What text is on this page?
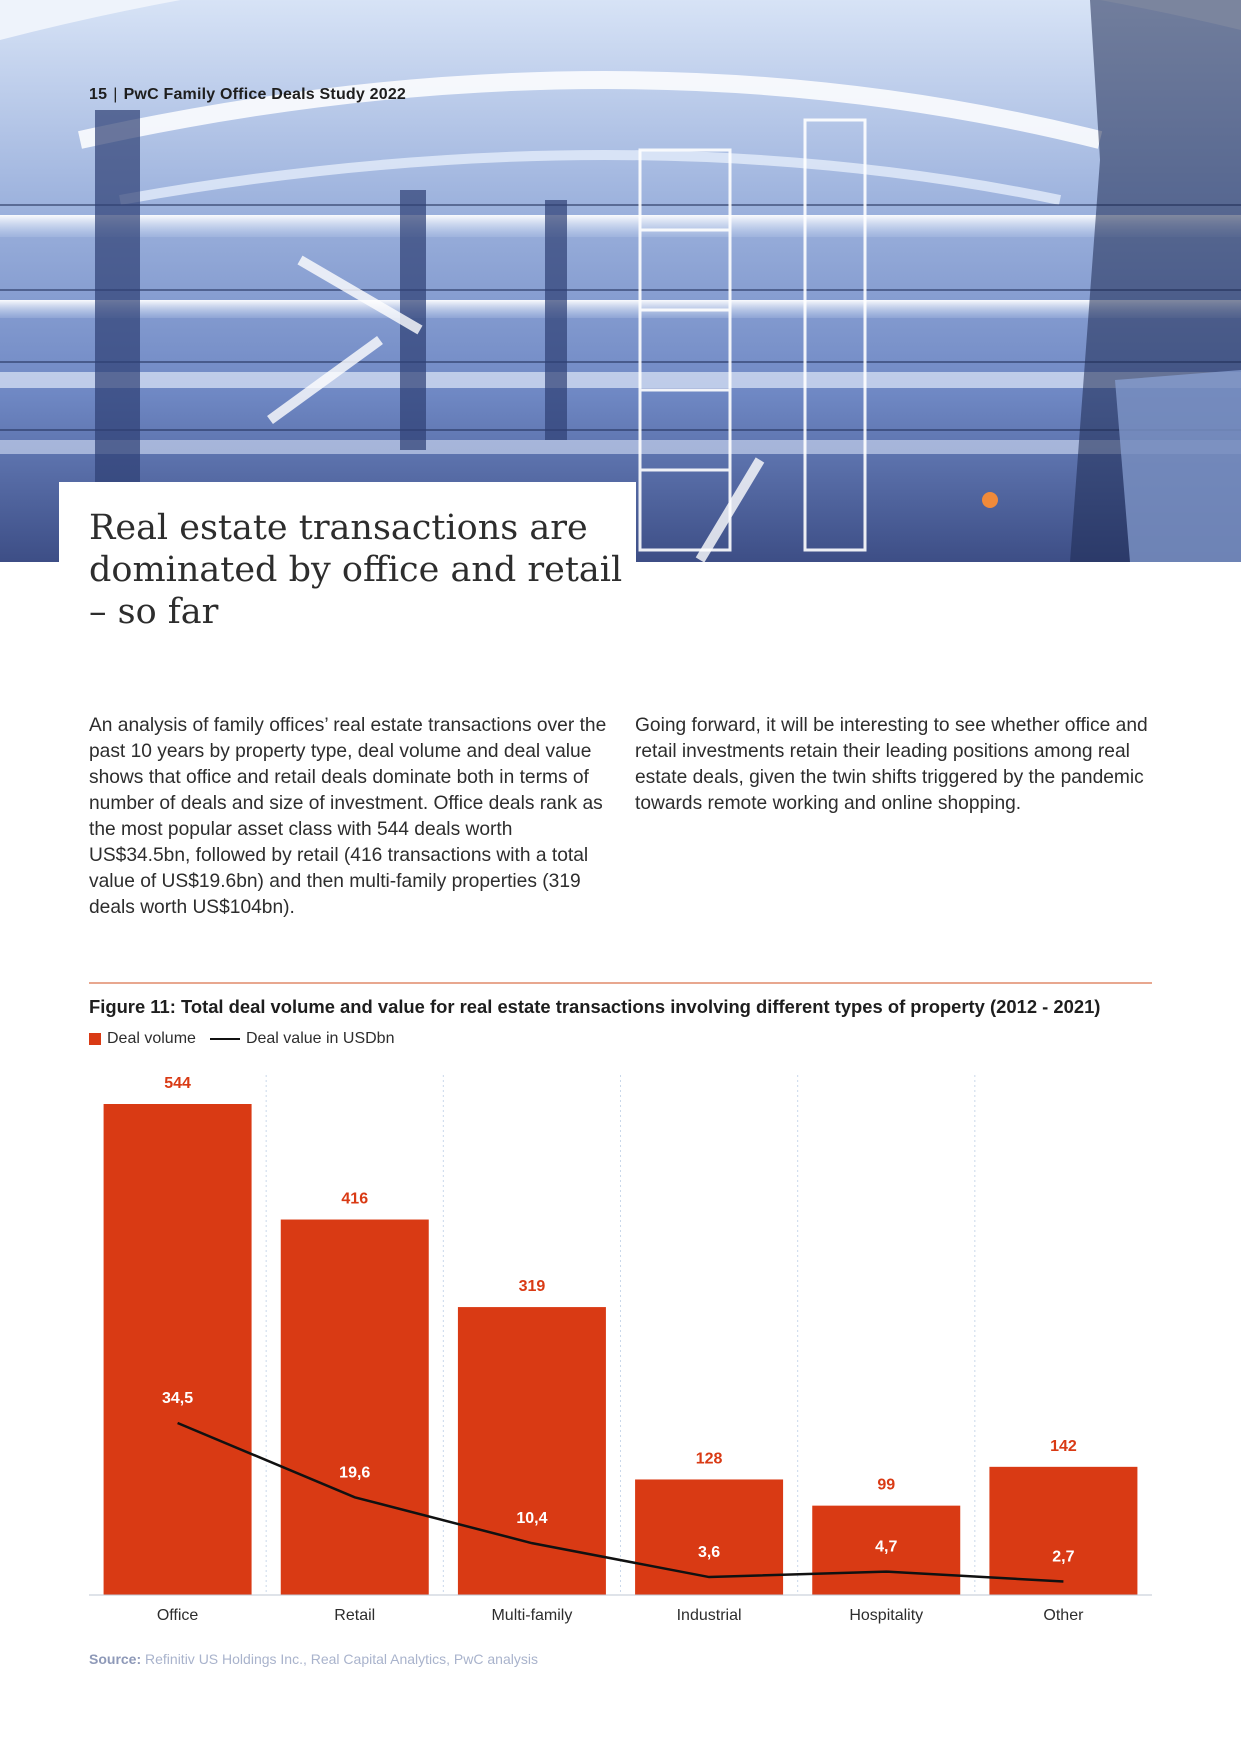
15 | PwC Family Office Deals Study 2022
Real estate transactions are dominated by office and retail – so far

An analysis of family offices’ real estate transactions over the past 10 years by property type, deal volume and deal value shows that office and retail deals dominate both in terms of number of deals and size of investment. Office deals rank as the most popular asset class with 544 deals worth US$34.5bn, followed by retail (416 transactions with a total value of US$19.6bn) and then multi-family properties (319 deals worth US$104bn).

Going forward, it will be interesting to see whether office and retail investments retain their leading positions among real estate deals, given the twin shifts triggered by the pandemic towards remote working and online shopping.

Figure 11: Total deal volume and value for real estate transactions involving different types of property (2012 - 2021)

Deal volume	Deal value in USDbn
544
Office
416
Retail
319
Multi-family
128
Industrial
99
Hospitality
142
Other
34,5
19,6
10,4
3,6	4,7
2,7
Source: Refinitiv US Holdings Inc., Real Capital Analytics, PwC analysis
